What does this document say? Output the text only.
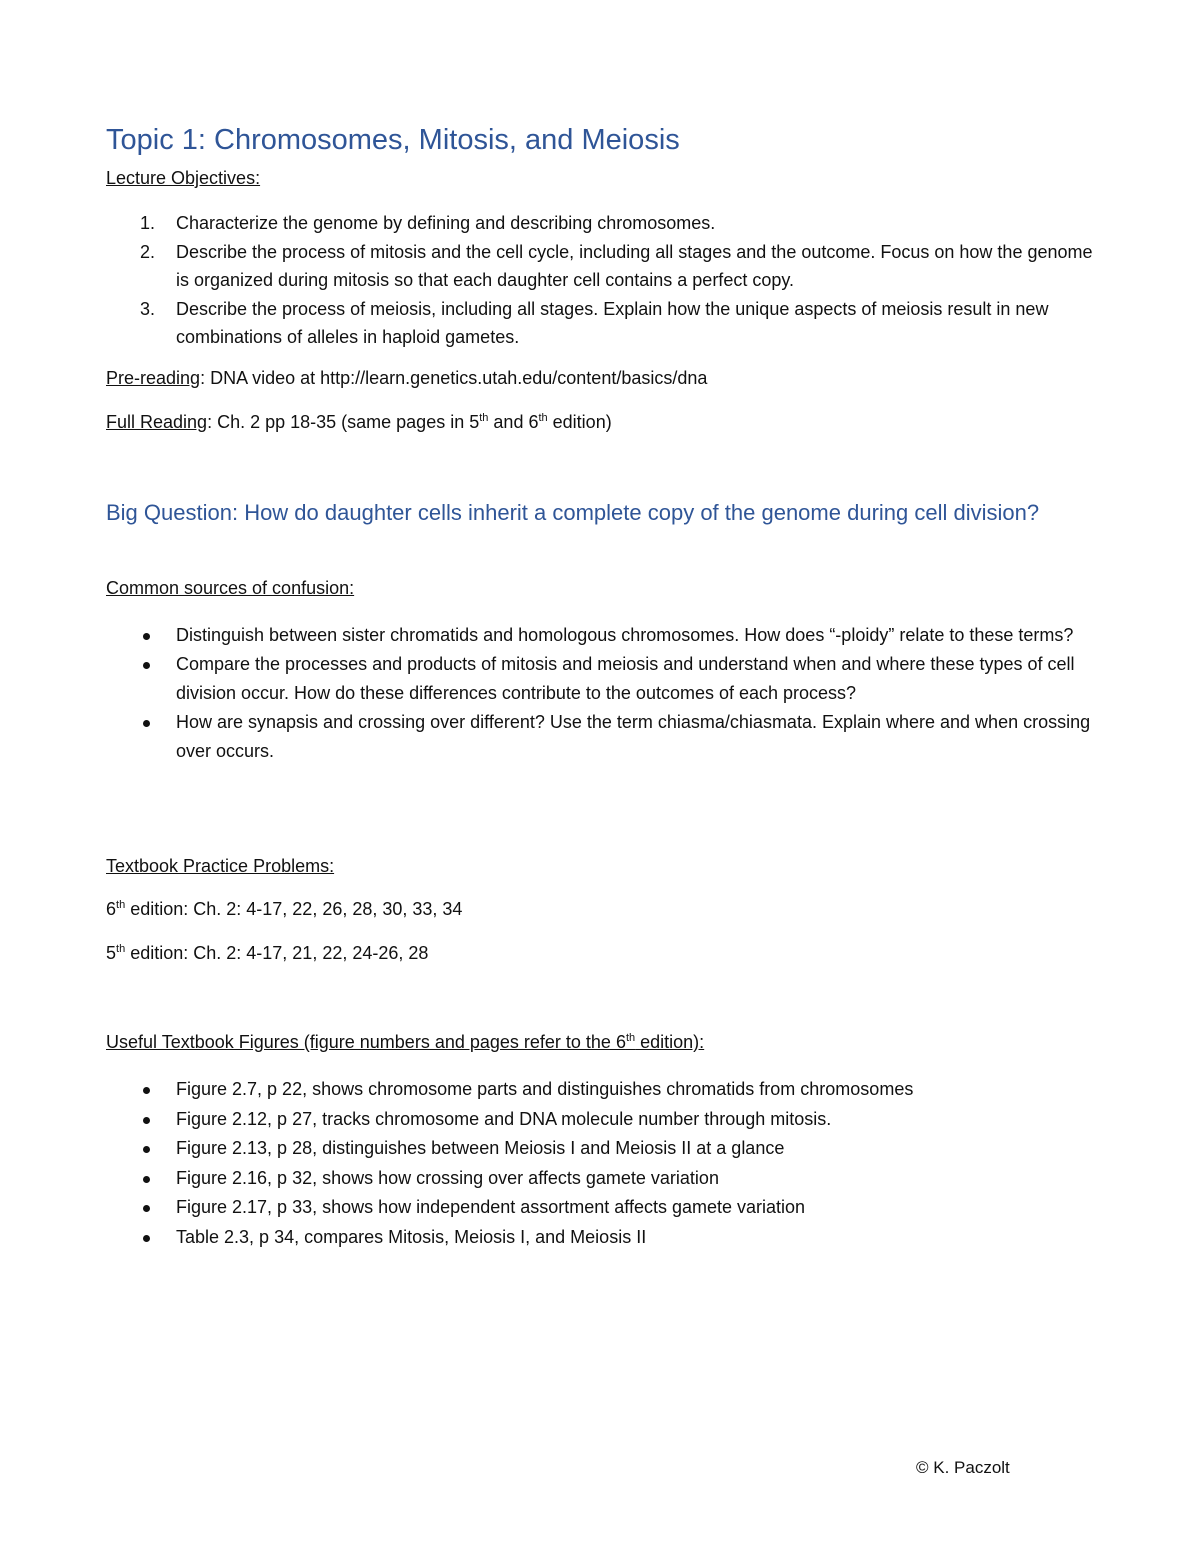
Topic 1: Chromosomes, Mitosis, and Meiosis

Lecture Objectives:

1. Characterize the genome by defining and describing chromosomes.
2. Describe the process of mitosis and the cell cycle, including all stages and the outcome. Focus on how the genome is organized during mitosis so that each daughter cell contains a perfect copy.
3. Describe the process of meiosis, including all stages. Explain how the unique aspects of meiosis result in new combinations of alleles in haploid gametes.

Pre-reading: DNA video at http://learn.genetics.utah.edu/content/basics/dna

Full Reading: Ch. 2 pp 18-35 (same pages in 5th and 6th edition)

Big Question: How do daughter cells inherit a complete copy of the genome during cell division?

Common sources of confusion:

Distinguish between sister chromatids and homologous chromosomes. How does “-ploidy” relate to these terms?
Compare the processes and products of mitosis and meiosis and understand when and where these types of cell division occur. How do these differences contribute to the outcomes of each process?
How are synapsis and crossing over different? Use the term chiasma/chiasmata. Explain where and when crossing over occurs.

Textbook Practice Problems:

6th edition: Ch. 2: 4-17, 22, 26, 28, 30, 33, 34

5th edition: Ch. 2: 4-17, 21, 22, 24-26, 28

Useful Textbook Figures (figure numbers and pages refer to the 6th edition):

Figure 2.7, p 22, shows chromosome parts and distinguishes chromatids from chromosomes
Figure 2.12, p 27, tracks chromosome and DNA molecule number through mitosis.
Figure 2.13, p 28, distinguishes between Meiosis I and Meiosis II at a glance
Figure 2.16, p 32, shows how crossing over affects gamete variation
Figure 2.17, p 33, shows how independent assortment affects gamete variation
Table 2.3, p 34, compares Mitosis, Meiosis I, and Meiosis II

© K. Paczolt
